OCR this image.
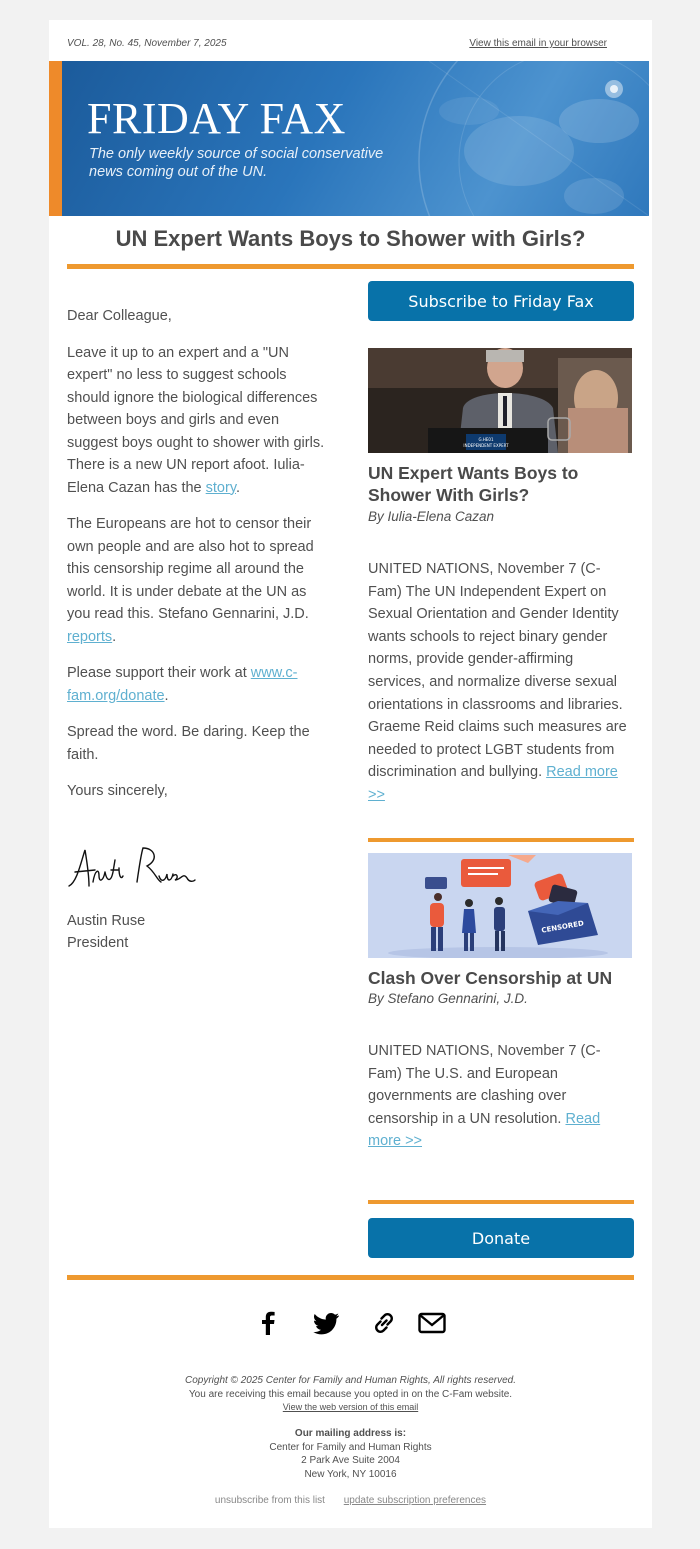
VOL. 28, No. 45, November 7, 2025	View this email in your browser
FRIDAY FAX
The only weekly source of social conservative news coming out of the UN.
UN Expert Wants Boys to Shower with Girls?

Dear Colleague,

Leave it up to an expert and a "UN expert" no less to suggest schools should ignore the biological differences between boys and girls and even suggest boys ought to shower with girls. There is a new UN report afoot. Iulia-Elena Cazan has the story.

The Europeans are hot to censor their own people and are also hot to spread this censorship regime all around the world. It is under debate at the UN as you read this. Stefano Gennarini, J.D. reports.

Please support their work at www.c-fam.org/donate.

Spread the word. Be daring. Keep the faith.

Yours sincerely,

Austin Ruse
President
Subscribe to Friday Fax
G.HE01
INDEPENDENT EXPERT
UN Expert Wants Boys to Shower With Girls?
By Iulia-Elena Cazan
UNITED NATIONS, November 7 (C-Fam) The UN Independent Expert on Sexual Orientation and Gender Identity wants schools to reject binary gender norms, provide gender-affirming services, and normalize diverse sexual orientations in classrooms and libraries. Graeme Reid claims such measures are needed to protect LGBT students from discrimination and bullying. Read more >>
CENSORED
Clash Over Censorship at UN
By Stefano Gennarini, J.D.
UNITED NATIONS, November 7 (C-Fam) The U.S. and European governments are clashing over censorship in a UN resolution. Read more >>
Donate
Copyright © 2025 Center for Family and Human Rights, All rights reserved.
You are receiving this email because you opted in on the C-Fam website.
View the web version of this email
Our mailing address is:
Center for Family and Human Rights
2 Park Ave Suite 2004
New York, NY 10016
unsubscribe from this list update subscription preferences
